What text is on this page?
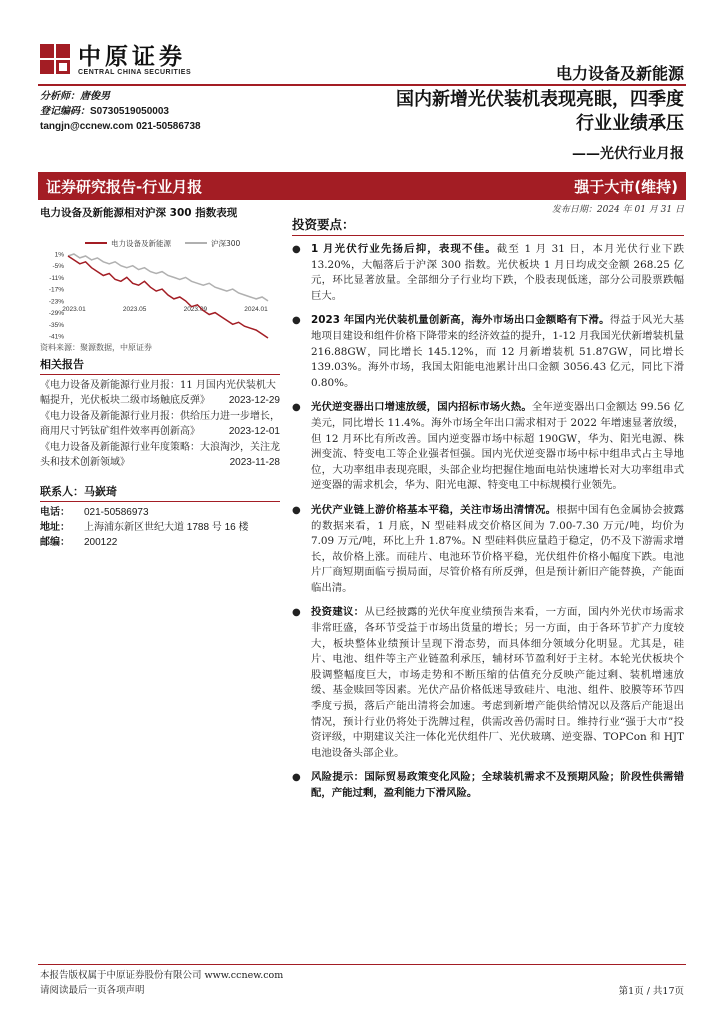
中原证券
CENTRAL CHINA SECURITIES	电力设备及新能源
分析师：唐俊男
登记编码：S0730519050003
tangjn@ccnew.com 021-50586738
国内新增光伏装机表现亮眼，四季度
行业业绩承压
——光伏行业月报
证券研究报告-行业月报	强于大市(维持)
发布日期：2024 年 01 月 31 日
电力设备及新能源相对沪深 300 指数表现
电力设备及新能源	沪深300
1%
-5%
-11%
-17%
-23%
-29%
-35%
-41%
2023.01	2023.05	2023.09	2024.01
资料来源：聚源数据，中原证券
相关报告
《电力设备及新能源行业月报：11 月国内光伏装机大幅提升，光伏板块二级市场触底反弹》 2023-12-29
《电力设备及新能源行业月报：供给压力进一步增长，商用尺寸钙钛矿组件效率再创新高》	2023-12-01
《电力设备及新能源行业年度策略：大浪淘沙，关注龙头和技术创新领域》	2023-11-28
联系人： 马嶔琦
电话：	021-50586973
地址：	上海浦东新区世纪大道 1788 号 16 楼
邮编：	200122
投资要点：
● 1 月光伏行业先扬后抑，表现不佳。截至 1 月 31 日，本月光伏行业下跌 13.20%，大幅落后于沪深 300 指数。光伏板块 1 月日均成交金额 268.25 亿元，环比显著放量。全部细分子行业均下跌，个股表现低迷，部分公司股票跌幅巨大。
● 2023 年国内光伏装机量创新高，海外市场出口金额略有下滑。得益于风光大基地项目建设和组件价格下降带来的经济效益的提升，1-12 月我国光伏新增装机量 216.88GW，同比增长 145.12%，而 12 月新增装机 51.87GW，同比增长 139.03%。海外市场，我国太阳能电池累计出口金额 3056.43 亿元，同比下滑 0.80%。
● 光伏逆变器出口增速放缓，国内招标市场火热。全年逆变器出口金额达 99.56 亿美元，同比增长 11.4%。海外市场全年出口需求相对于 2022 年增速显著放缓，但 12 月环比有所改善。国内逆变器市场中标超 190GW，华为、阳光电源、株洲变流、特变电工等企业强者恒强。国内光伏逆变器市场中标中组串式占主导地位，大功率组串表现亮眼，头部企业均把握住地面电站快速增长对大功率组串式逆变器的需求机会，华为、阳光电源、特变电工中标规模行业领先。
● 光伏产业链上游价格基本平稳，关注市场出清情况。根据中国有色金属协会披露的数据来看，1 月底，N 型硅料成交价格区间为 7.00-7.30 万元/吨，均价为 7.09 万元/吨，环比上升 1.87%。N 型硅料供应量趋于稳定，仍不及下游需求增长，故价格上涨。而硅片、电池环节价格平稳，光伏组件价格小幅度下跌。电池片厂商短期面临亏损局面，尽管价格有所反弹，但是预计新旧产能替换，产能面临出清。
● 投资建议：从已经披露的光伏年度业绩预告来看，一方面，国内外光伏市场需求非常旺盛，各环节受益于市场出货量的增长；另一方面，由于各环节扩产力度较大，板块整体业绩预计呈现下滑态势，而具体细分领域分化明显。尤其是，硅片、电池、组件等主产业链盈利承压，辅材环节盈利好于主材。本轮光伏板块个股调整幅度巨大，市场走势和不断压缩的估值充分反映产能过剩、装机增速放缓、基金赎回等因素。光伏产品价格低迷导致硅片、电池、组件、胶膜等环节四季度亏损，落后产能出清将会加速。考虑到新增产能供给情况以及落后产能退出情况，预计行业仍将处于洗牌过程，供需改善仍需时日。维持行业“强于大市”投资评级，中期建议关注一体化光伏组件厂、光伏玻璃、逆变器、TOPCon 和 HJT 电池设备头部企业。
● 风险提示：国际贸易政策变化风险；全球装机需求不及预期风险；阶段性供需错配，产能过剩，盈利能力下滑风险。
本报告版权属于中原证券股份有限公司 www.ccnew.com
请阅读最后一页各项声明	第1页 / 共17页
